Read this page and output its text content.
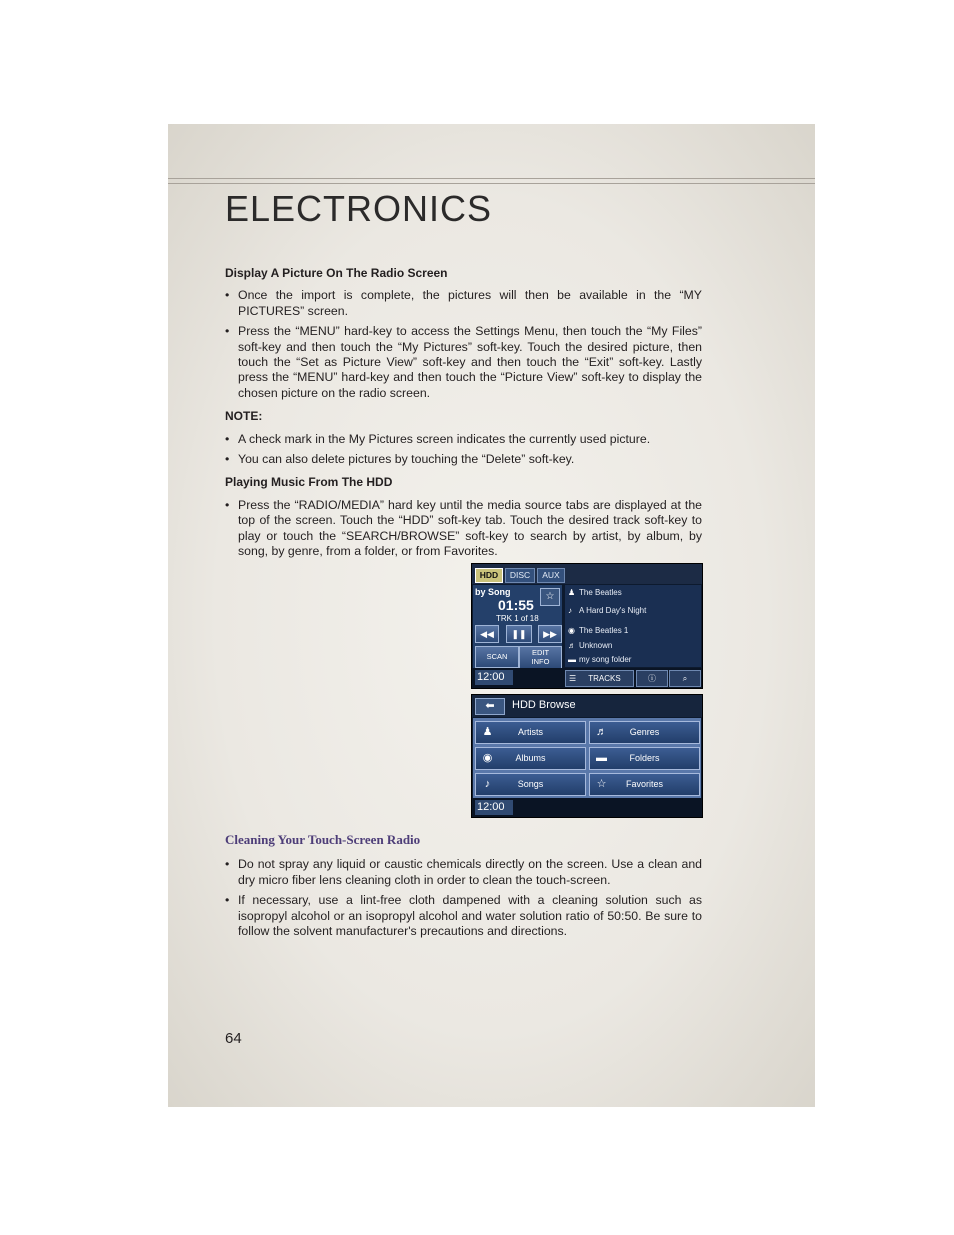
ELECTRONICS
Display A Picture On The Radio Screen
• Once the import is complete, the pictures will then be available in the “MY PICTURES” screen.
• Press the “MENU” hard-key to access the Settings Menu, then touch the “My Files” soft-key and then touch the “My Pictures” soft-key. Touch the desired picture, then touch the “Set as Picture View” soft-key and then touch the “Exit” soft-key. Lastly press the “MENU” hard-key and then touch the “Picture View” soft-key to display the chosen picture on the radio screen.
NOTE:
• A check mark in the My Pictures screen indicates the currently used picture.
• You can also delete pictures by touching the “Delete” soft-key.
Playing Music From The HDD
• Press the “RADIO/MEDIA” hard key until the media source tabs are displayed at the top of the screen. Touch the “HDD” soft-key tab. Touch the desired track soft-key to play or touch the “SEARCH/BROWSE” soft-key to search by artist, by album, by song, by genre, from a folder, or from Favorites.
HDD	DISC	AUX
by Song	☆
01:55
TRK 1 of 18
◀◀	❚❚	▶▶
SCAN	EDIT
INFO
♟ The Beatles
♪ A Hard Day's Night
◉ The Beatles 1
♬ Unknown
▬ my song folder
12:00	☰ TRACKS	ⓘ	⌕
⬅	HDD Browse
♟	Artists	♬	Genres
◉	Albums	▬	Folders
♪	Songs	☆	Favorites
12:00
Cleaning Your Touch-Screen Radio
• Do not spray any liquid or caustic chemicals directly on the screen. Use a clean and dry micro fiber lens cleaning cloth in order to clean the touch-screen.
• If necessary, use a lint-free cloth dampened with a cleaning solution such as isopropyl alcohol or an isopropyl alcohol and water solution ratio of 50:50. Be sure to follow the solvent manufacturer's precautions and directions.
64
